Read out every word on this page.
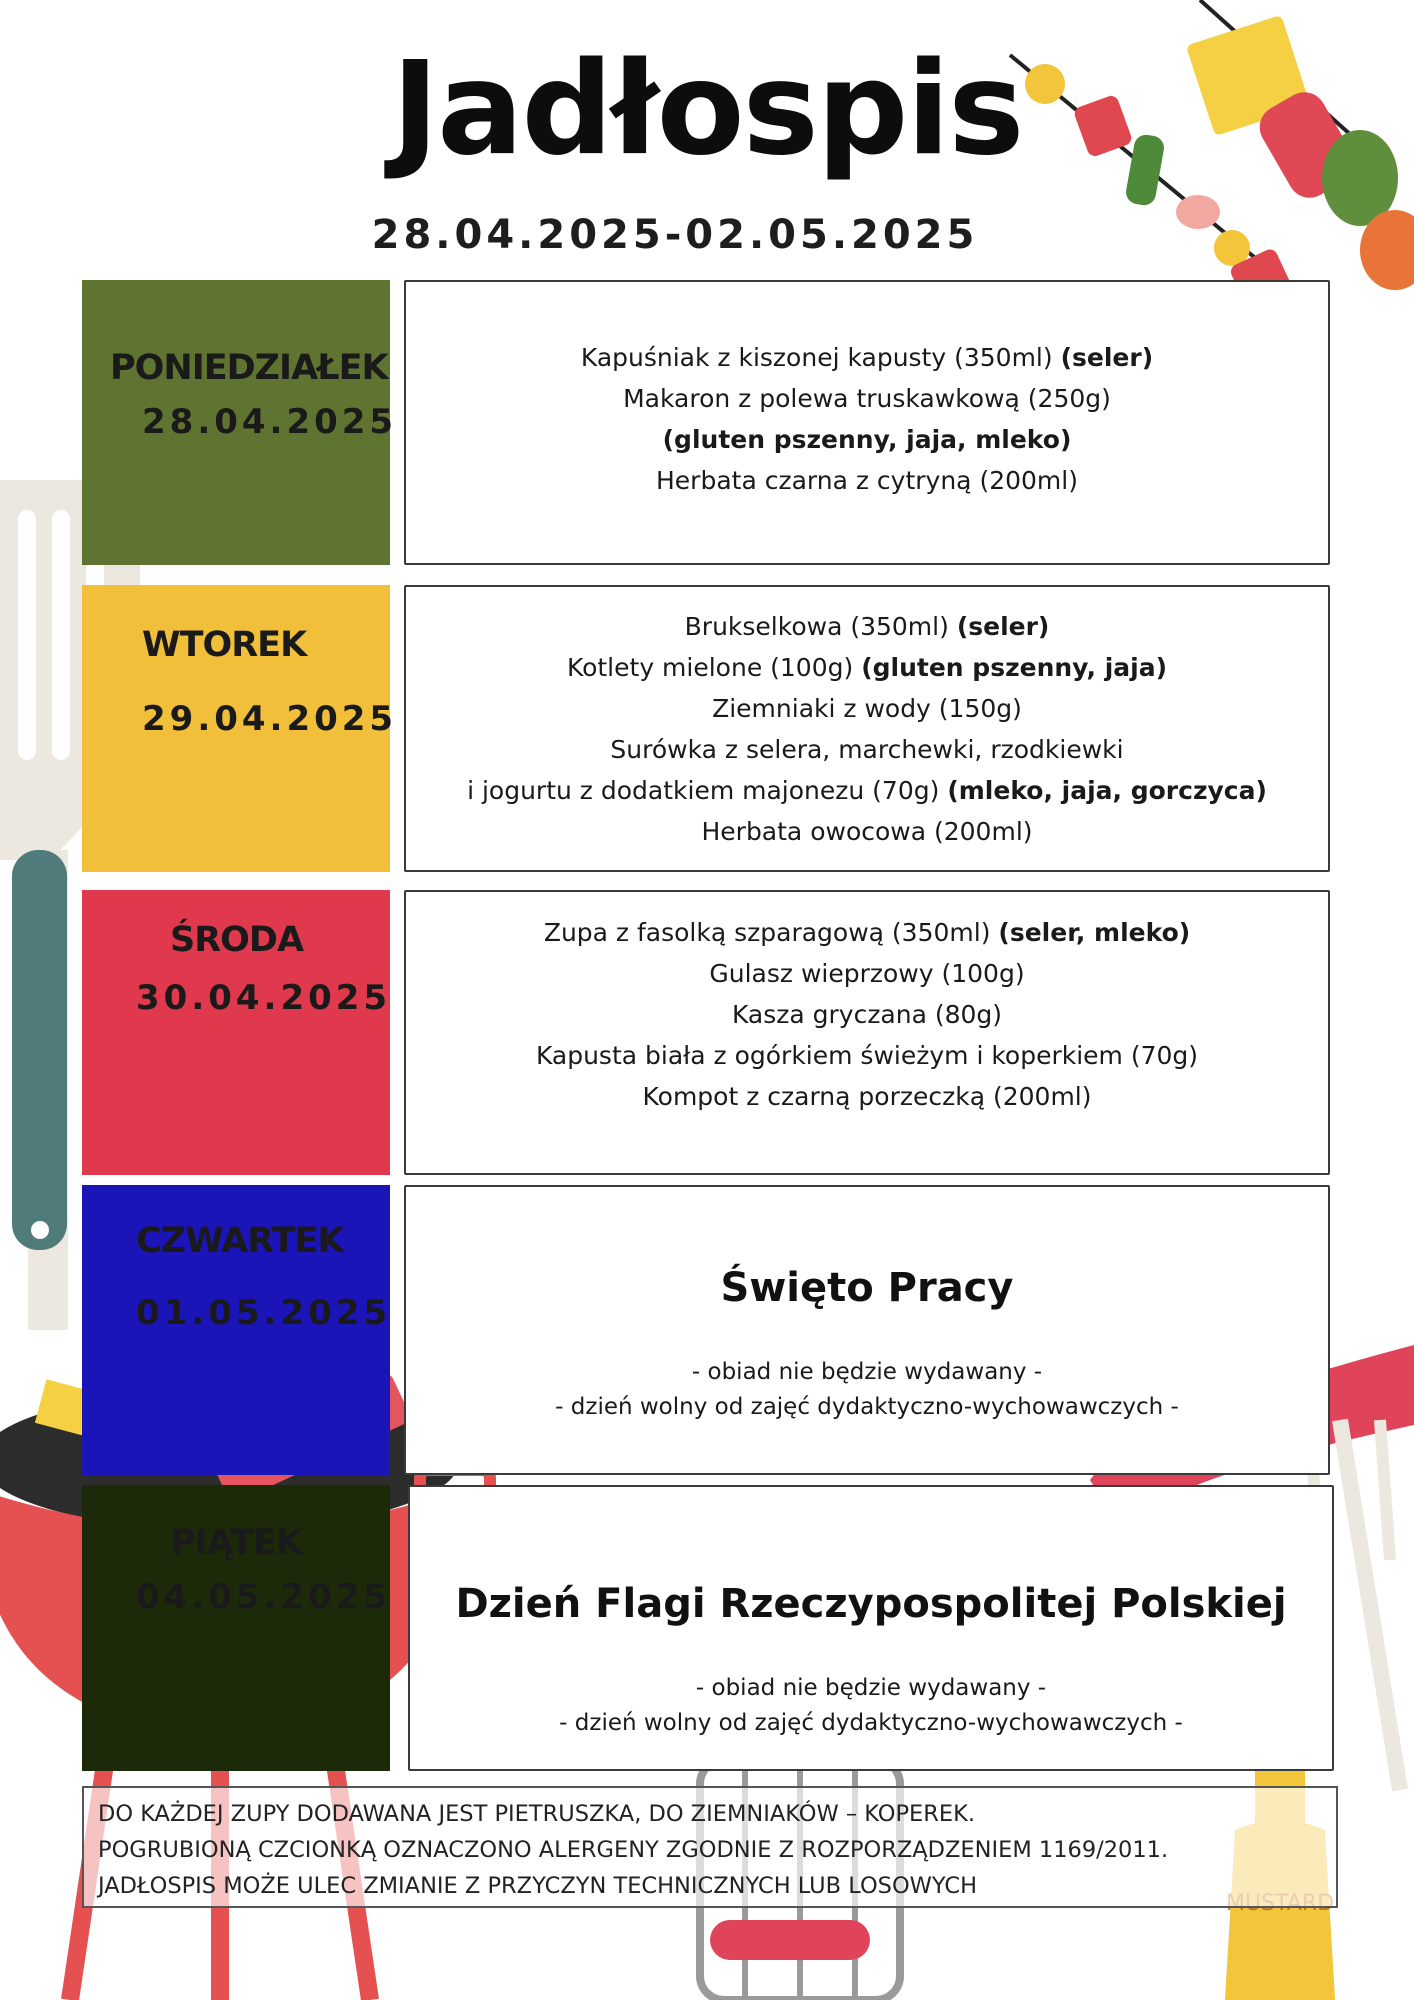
Jadłospis
28.04.2025-02.05.2025
PONIEDZIAŁEK
28.04.2025
Kapuśniak z kiszonej kapusty (350ml) (seler)
Makaron z polewa truskawkową (250g)
(gluten pszenny, jaja, mleko)
Herbata czarna z cytryną (200ml)
WTOREK
29.04.2025
Brukselkowa (350ml) (seler)
Kotlety mielone (100g) (gluten pszenny, jaja)
Ziemniaki z wody (150g)
Surówka z selera, marchewki, rzodkiewki
i jogurtu z dodatkiem majonezu (70g) (mleko, jaja, gorczyca)
Herbata owocowa (200ml)
ŚRODA
30.04.2025
Zupa z fasolką szparagową (350ml) (seler, mleko)
Gulasz wieprzowy (100g)
Kasza gryczana (80g)
Kapusta biała z ogórkiem świeżym i koperkiem (70g)
Kompot z czarną porzeczką (200ml)
CZWARTEK
01.05.2025
Święto Pracy
- obiad nie będzie wydawany -
- dzień wolny od zajęć dydaktyczno-wychowawczych -
PIĄTEK
04.05.2025	Dzień Flagi Rzeczypospolitej Polskiej
- obiad nie będzie wydawany -
- dzień wolny od zajęć dydaktyczno-wychowawczych -
DO KAŻDEJ ZUPY DODAWANA JEST PIETRUSZKA, DO ZIEMNIAKÓW – KOPEREK.
POGRUBIONĄ CZCIONKĄ OZNACZONO ALERGENY ZGODNIE Z ROZPORZĄDZENIEM 1169/2011.
JADŁOSPIS MOŻE ULEC ZMIANIE Z PRZYCZYN TECHNICZNYCH LUB LOSOWYCH
